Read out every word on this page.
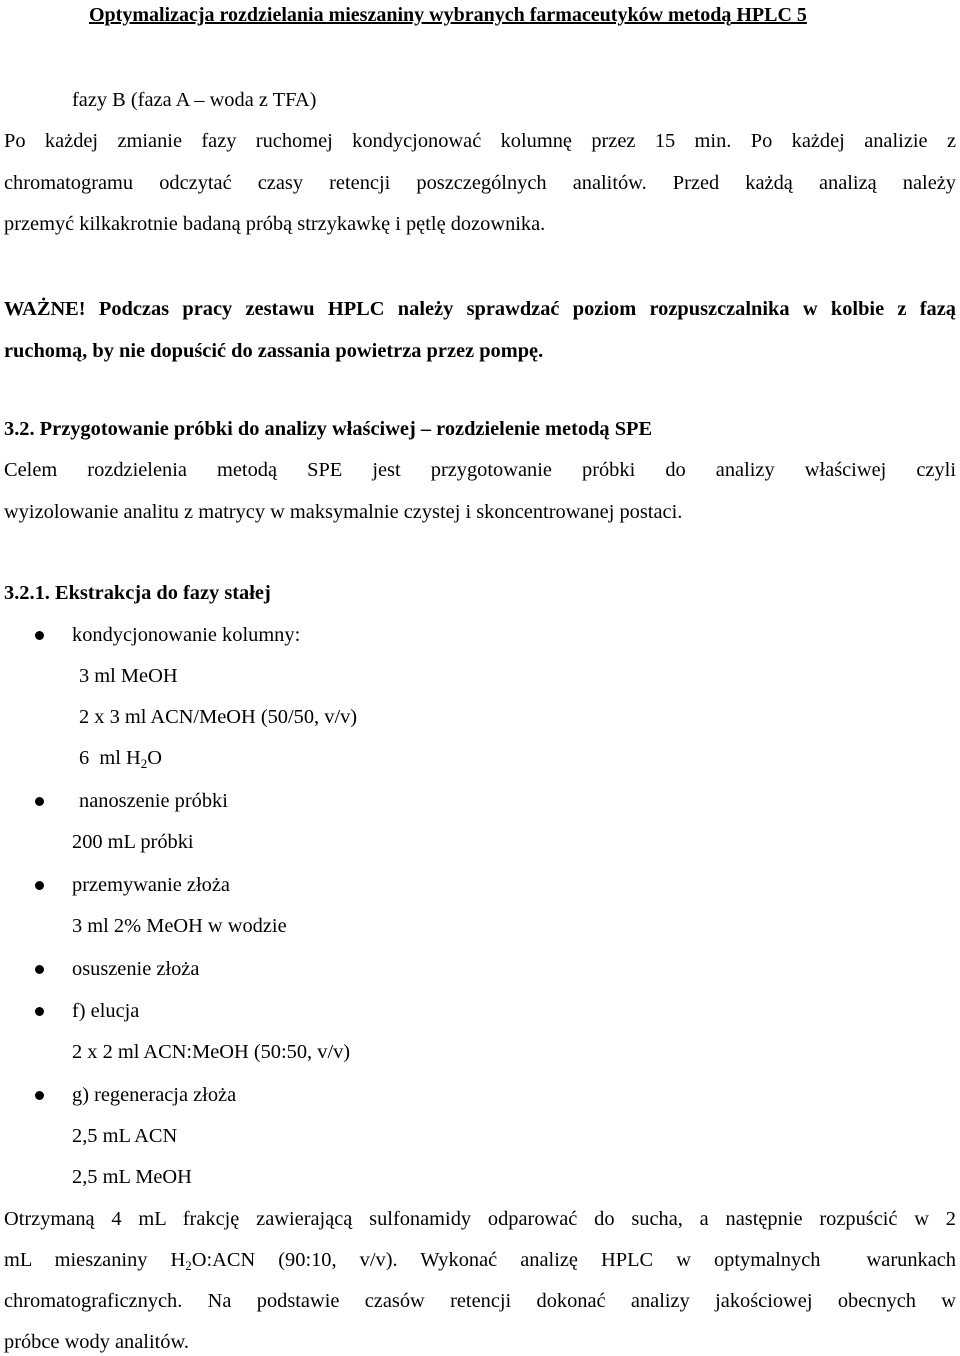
Optymalizacja rozdzielania mieszaniny wybranych farmaceutyków metodą HPLC 5
fazy B (faza A – woda z TFA)
Po każdej zmianie fazy ruchomej kondycjonować kolumnę przez 15 min. Po każdej analizie z
chromatogramu odczytać czasy retencji poszczególnych analitów. Przed każdą analizą należy
przemyć kilkakrotnie badaną próbą strzykawkę i pętlę dozownika.
WAŻNE! Podczas pracy zestawu HPLC należy sprawdzać poziom rozpuszczalnika w kolbie z fazą
ruchomą, by nie dopuścić do zassania powietrza przez pompę.
3.2. Przygotowanie próbki do analizy właściwej – rozdzielenie metodą SPE
Celem rozdzielenia metodą SPE jest przygotowanie próbki do analizy właściwej czyli
wyizolowanie analitu z matrycy w maksymalnie czystej i skoncentrowanej postaci.
3.2.1. Ekstrakcja do fazy stałej
kondycjonowanie kolumny:
3 ml MeOH
2 x 3 ml ACN/MeOH (50/50, v/v)
6  ml $H_2O$
nanoszenie próbki
200 mL próbki
przemywanie złoża
3 ml 2% MeOH w wodzie
osuszenie złoża
f) elucja
2 x 2 ml ACN:MeOH (50:50, v/v)
g) regeneracja złoża
2,5 mL ACN
2,5 mL MeOH
Otrzymaną 4 mL frakcję zawierającą sulfonamidy odparować do sucha, a następnie rozpuścić w 2
mL mieszaniny $H_2O:ACN$ (90:10, v/v). Wykonać analizę HPLC w optymalnych  warunkach
chromatograficznych. Na podstawie czasów retencji dokonać analizy jakościowej obecnych w
próbce wody analitów.
